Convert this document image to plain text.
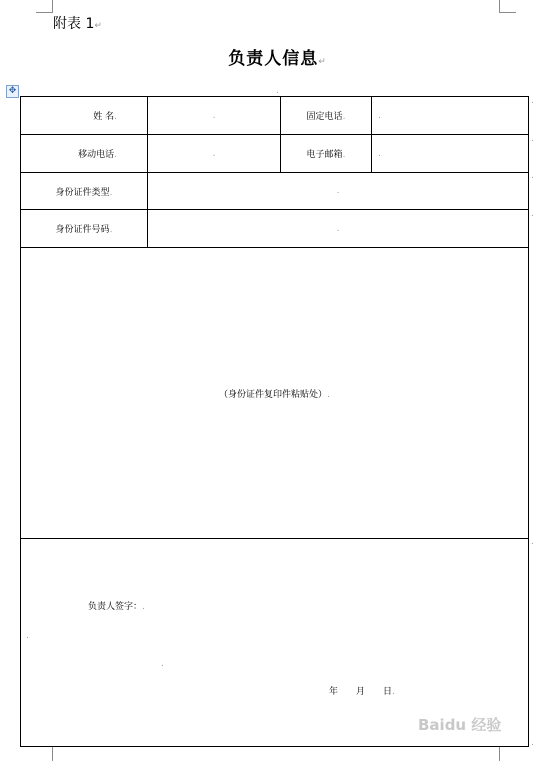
附表 1↵
负责人信息↵
✥
姓 名.	.	固定电话.	.
移动电话.	.	电子邮箱.	.
身份证件类型.	.		
身份证件号码.	.		
（身份证件复印件粘贴处）.			

负责人签字：.
.
.
年 月 日.			
.
.
.
.
.
.
.
Baidu 经验
